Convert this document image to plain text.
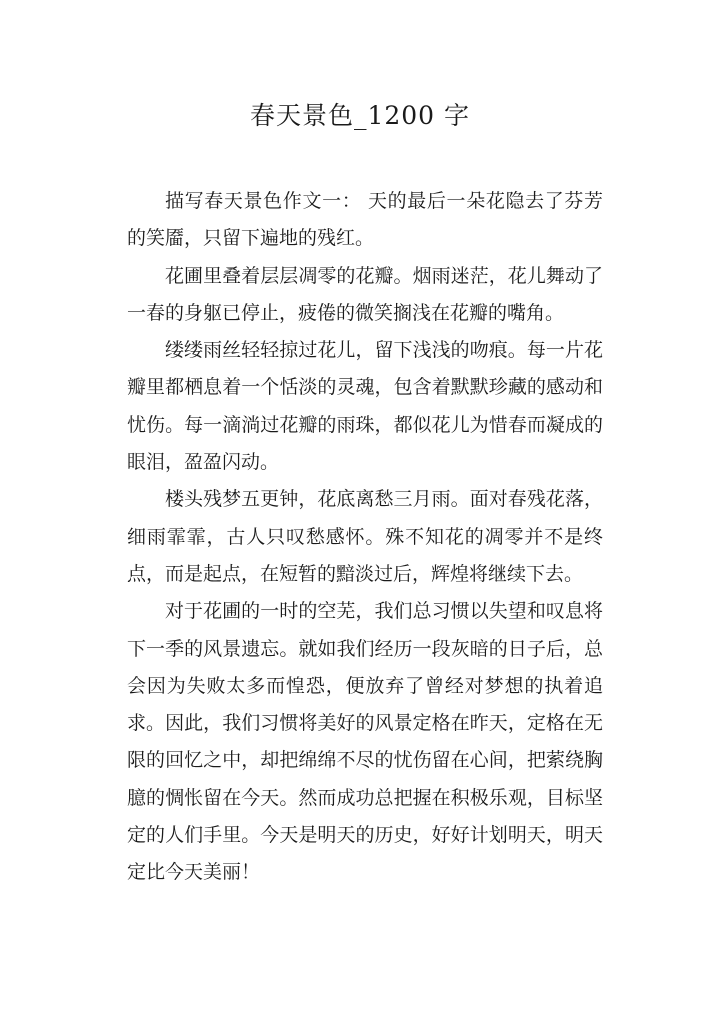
春天景色_1200 字

描写春天景色作文一： 天的最后一朵花隐去了芬芳的笑靥，只留下遍地的残红。

花圃里叠着层层凋零的花瓣。烟雨迷茫，花儿舞动了一春的身躯已停止，疲倦的微笑搁浅在花瓣的嘴角。

缕缕雨丝轻轻掠过花儿，留下浅浅的吻痕。每一片花瓣里都栖息着一个恬淡的灵魂，包含着默默珍藏的感动和忧伤。每一滴淌过花瓣的雨珠，都似花儿为惜春而凝成的眼泪，盈盈闪动。

楼头残梦五更钟，花底离愁三月雨。面对春残花落，细雨霏霏，古人只叹愁感怀。殊不知花的凋零并不是终点，而是起点，在短暂的黯淡过后，辉煌将继续下去。

对于花圃的一时的空芜，我们总习惯以失望和叹息将下一季的风景遗忘。就如我们经历一段灰暗的日子后，总会因为失败太多而惶恐，便放弃了曾经对梦想的执着追求。因此，我们习惯将美好的风景定格在昨天，定格在无限的回忆之中，却把绵绵不尽的忧伤留在心间，把萦绕胸臆的惆怅留在今天。然而成功总把握在积极乐观，目标坚定的人们手里。今天是明天的历史，好好计划明天，明天定比今天美丽！
